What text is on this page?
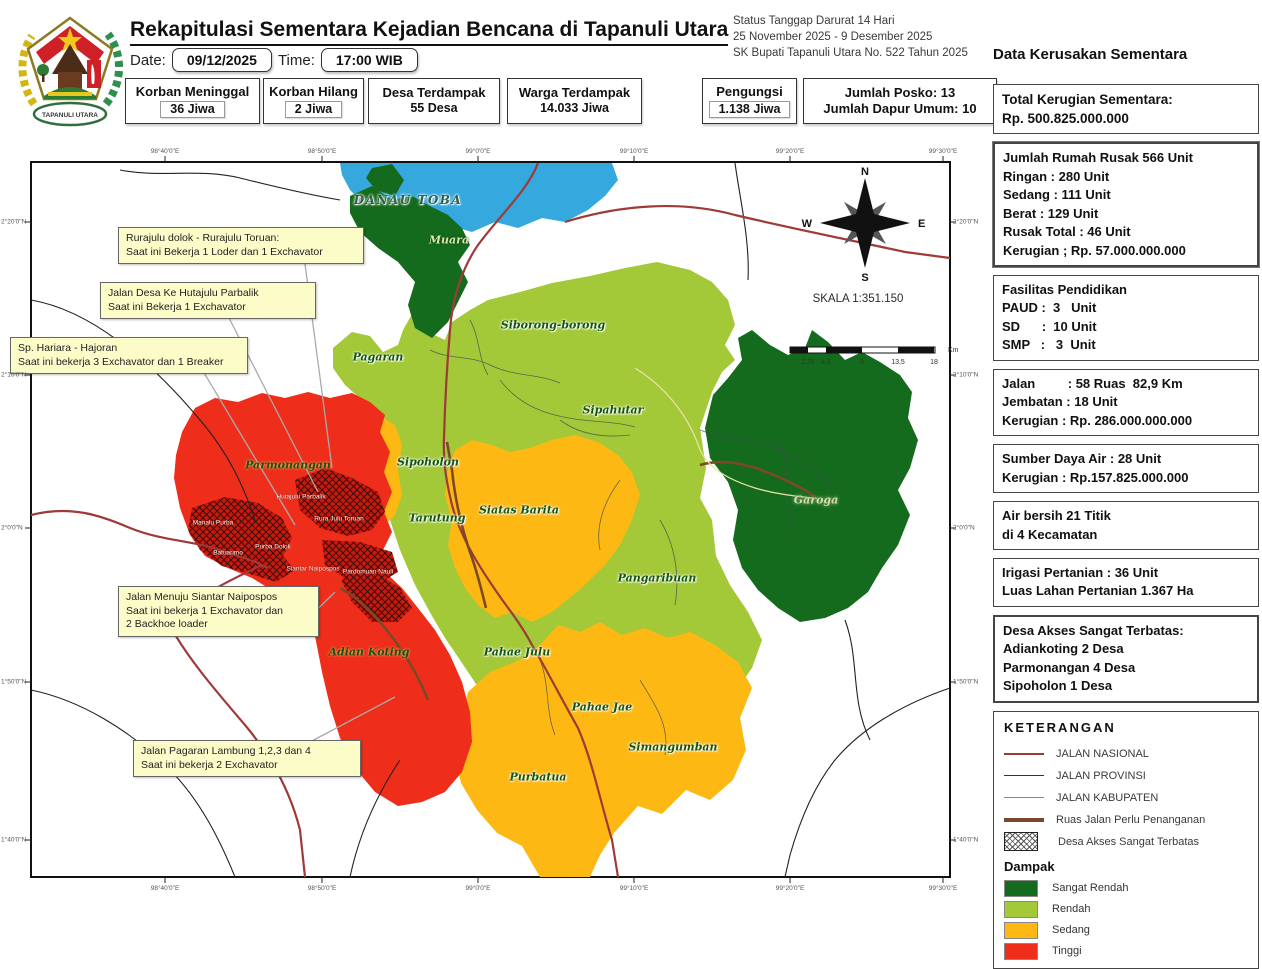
N
S
E
W
SKALA 1:351.150
2,25 4,5	9	13,5	18
Km
TAPANULI UTARA
Rekapitulasi Sementara Kejadian Bencana di Tapanuli Utara
Date:	09/12/2025	Time:	17:00 WIB
Status Tanggap Darurat 14 Hari
25 November 2025 - 9 Desember 2025
SK Bupati Tapanuli Utara No. 522 Tahun 2025 Data Kerusakan Sementara
Korban Meninggal
36 Jiwa
Korban Hilang
2 Jiwa
Desa Terdampak
55 Desa
Warga Terdampak
14.033 Jiwa
Pengungsi
1.138 Jiwa
Jumlah Posko: 13
Jumlah Dapur Umum: 10
Total Kerugian Sementara:
Rp. 500.825.000.000
Jumlah Rumah Rusak 566 Unit
Ringan : 280 Unit
Sedang : 111 Unit
Berat : 129 Unit
Rusak Total : 46 Unit
Kerugian ; Rp. 57.000.000.000
Fasilitas Pendidikan
PAUD :  3   Unit
SD      :  10 Unit
SMP   :   3  Unit
Jalan         : 58 Ruas  82,9 Km
Jembatan : 18 Unit
Kerugian : Rp. 286.000.000.000
Sumber Daya Air : 28 Unit
Kerugian : Rp.157.825.000.000
Air bersih 21 Titik
di 4 Kecamatan
Irigasi Pertanian : 36 Unit
Luas Lahan Pertanian 1.367 Ha
Desa Akses Sangat Terbatas:
Adiankoting 2 Desa
Parmonangan 4 Desa
Sipoholon 1 Desa
KETERANGAN
JALAN NASIONAL
JALAN PROVINSI
JALAN KABUPATEN
Ruas Jalan Perlu Penanganan
Desa Akses Sangat Terbatas
Dampak
Sangat Rendah
Rendah
Sedang
Tinggi
DANAU TOBA
Muara
Siborong-borong
Pagaran
Sipahutar
Sipoholon
Tarutung
Siatas Barita
Pangaribuan
Garoga
Adian Koting	Pahae Julu
Pahae Jae
Purbatua
Simangumban
Parmonangan
Manalu Purba
Batuarimo
Purba Dolok
Hutajulu Parbalik
Rura Julu Toruan
Siantar Naipospos Pardomuan Nauli
Rurajulu dolok - Rurajulu Toruan:
Saat ini Bekerja 1 Loder dan 1 Exchavator
Jalan Desa Ke Hutajulu Parbalik
Saat ini Bekerja 1 Exchavator
Sp. Hariara - Hajoran
Saat ini bekerja 3 Exchavator dan 1 Breaker
Jalan Menuju Siantar Naipospos
Saat ini bekerja 1 Exchavator dan
2 Backhoe loader
Jalan Pagaran Lambung 1,2,3 dan 4
Saat ini bekerja 2 Exchavator
98°40'0"E	98°50'0"E	99°0'0"E	99°10'0"E	99°20'0"E	99°30'0"E
98°40'0"E	98°50'0"E	99°0'0"E	99°10'0"E	99°20'0"E	99°30'0"E
2°20'0"N
2°10'0"N
2°0'0"N
1°50'0"N
1°40'0"N
2°20'0"N
2°10'0"N
2°0'0"N
1°50'0"N
1°40'0"N
